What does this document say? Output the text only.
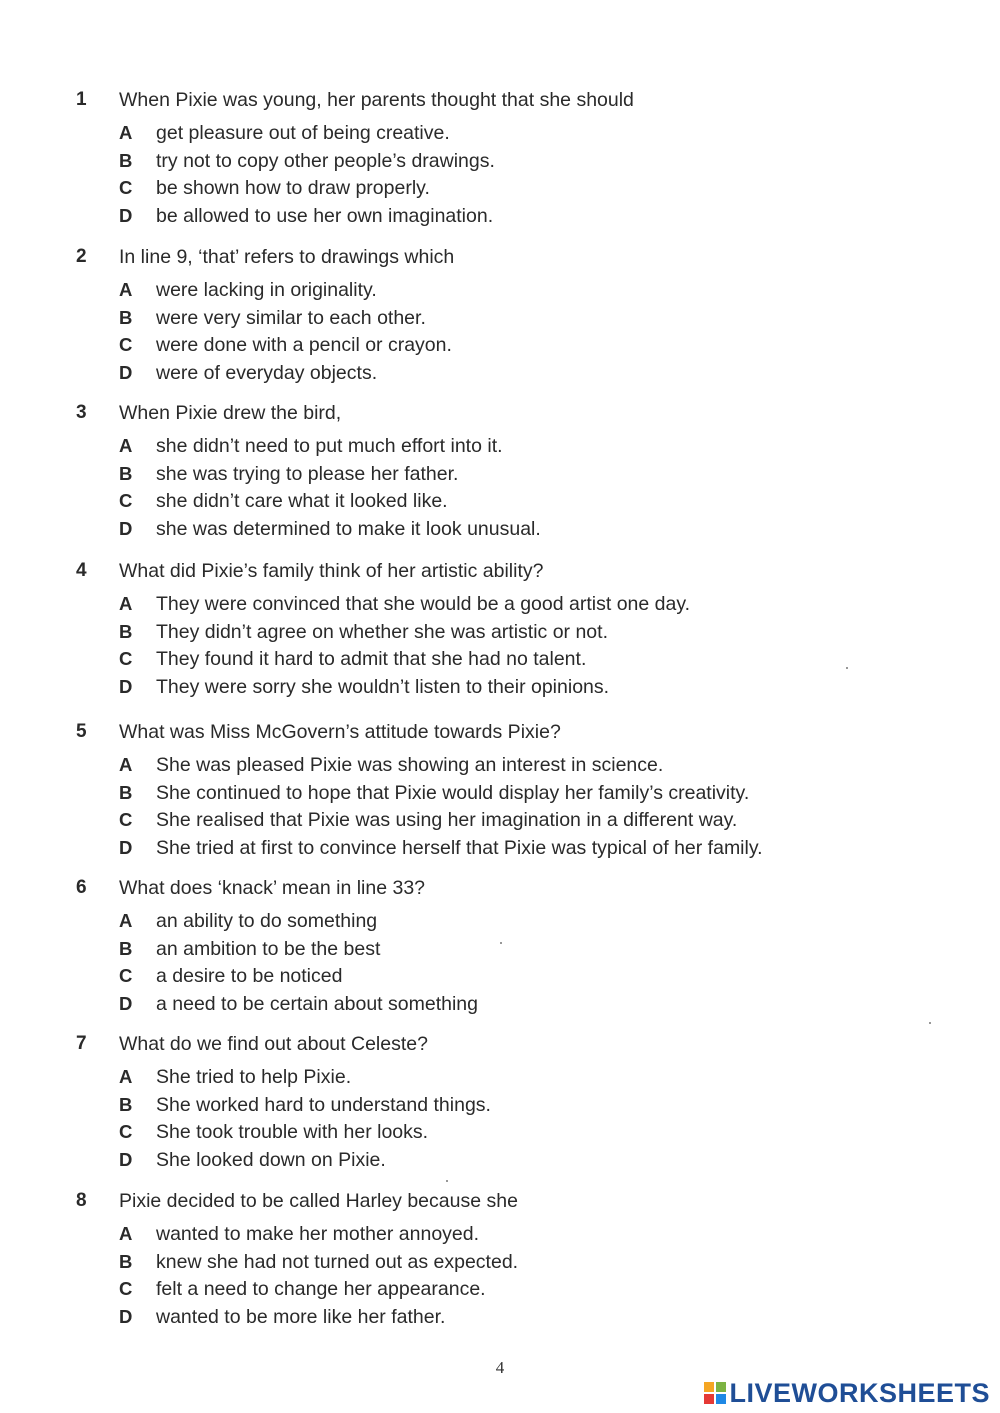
1 When Pixie was young, her parents thought that she should
A get pleasure out of being creative.
B try not to copy other people’s drawings.
C be shown how to draw properly.
D be allowed to use her own imagination.
2 In line 9, ‘that’ refers to drawings which
A were lacking in originality.
B were very similar to each other.
C were done with a pencil or crayon.
D were of everyday objects.
3 When Pixie drew the bird,
A she didn’t need to put much effort into it.
B she was trying to please her father.
C she didn’t care what it looked like.
D she was determined to make it look unusual.
4 What did Pixie’s family think of her artistic ability?
A They were convinced that she would be a good artist one day.
B They didn’t agree on whether she was artistic or not.
C They found it hard to admit that she had no talent.
D They were sorry she wouldn’t listen to their opinions.
5 What was Miss McGovern’s attitude towards Pixie?
A She was pleased Pixie was showing an interest in science.
B She continued to hope that Pixie would display her family’s creativity.
C She realised that Pixie was using her imagination in a different way.
D She tried at first to convince herself that Pixie was typical of her family.
6 What does ‘knack’ mean in line 33?
A an ability to do something
B an ambition to be the best
C a desire to be noticed
D a need to be certain about something
7 What do we find out about Celeste?
A She tried to help Pixie.
B She worked hard to understand things.
C She took trouble with her looks.
D She looked down on Pixie.
8 Pixie decided to be called Harley because she
A wanted to make her mother annoyed.
B knew she had not turned out as expected.
C felt a need to change her appearance.
D wanted to be more like her father.
4
LIVEWORKSHEETS
